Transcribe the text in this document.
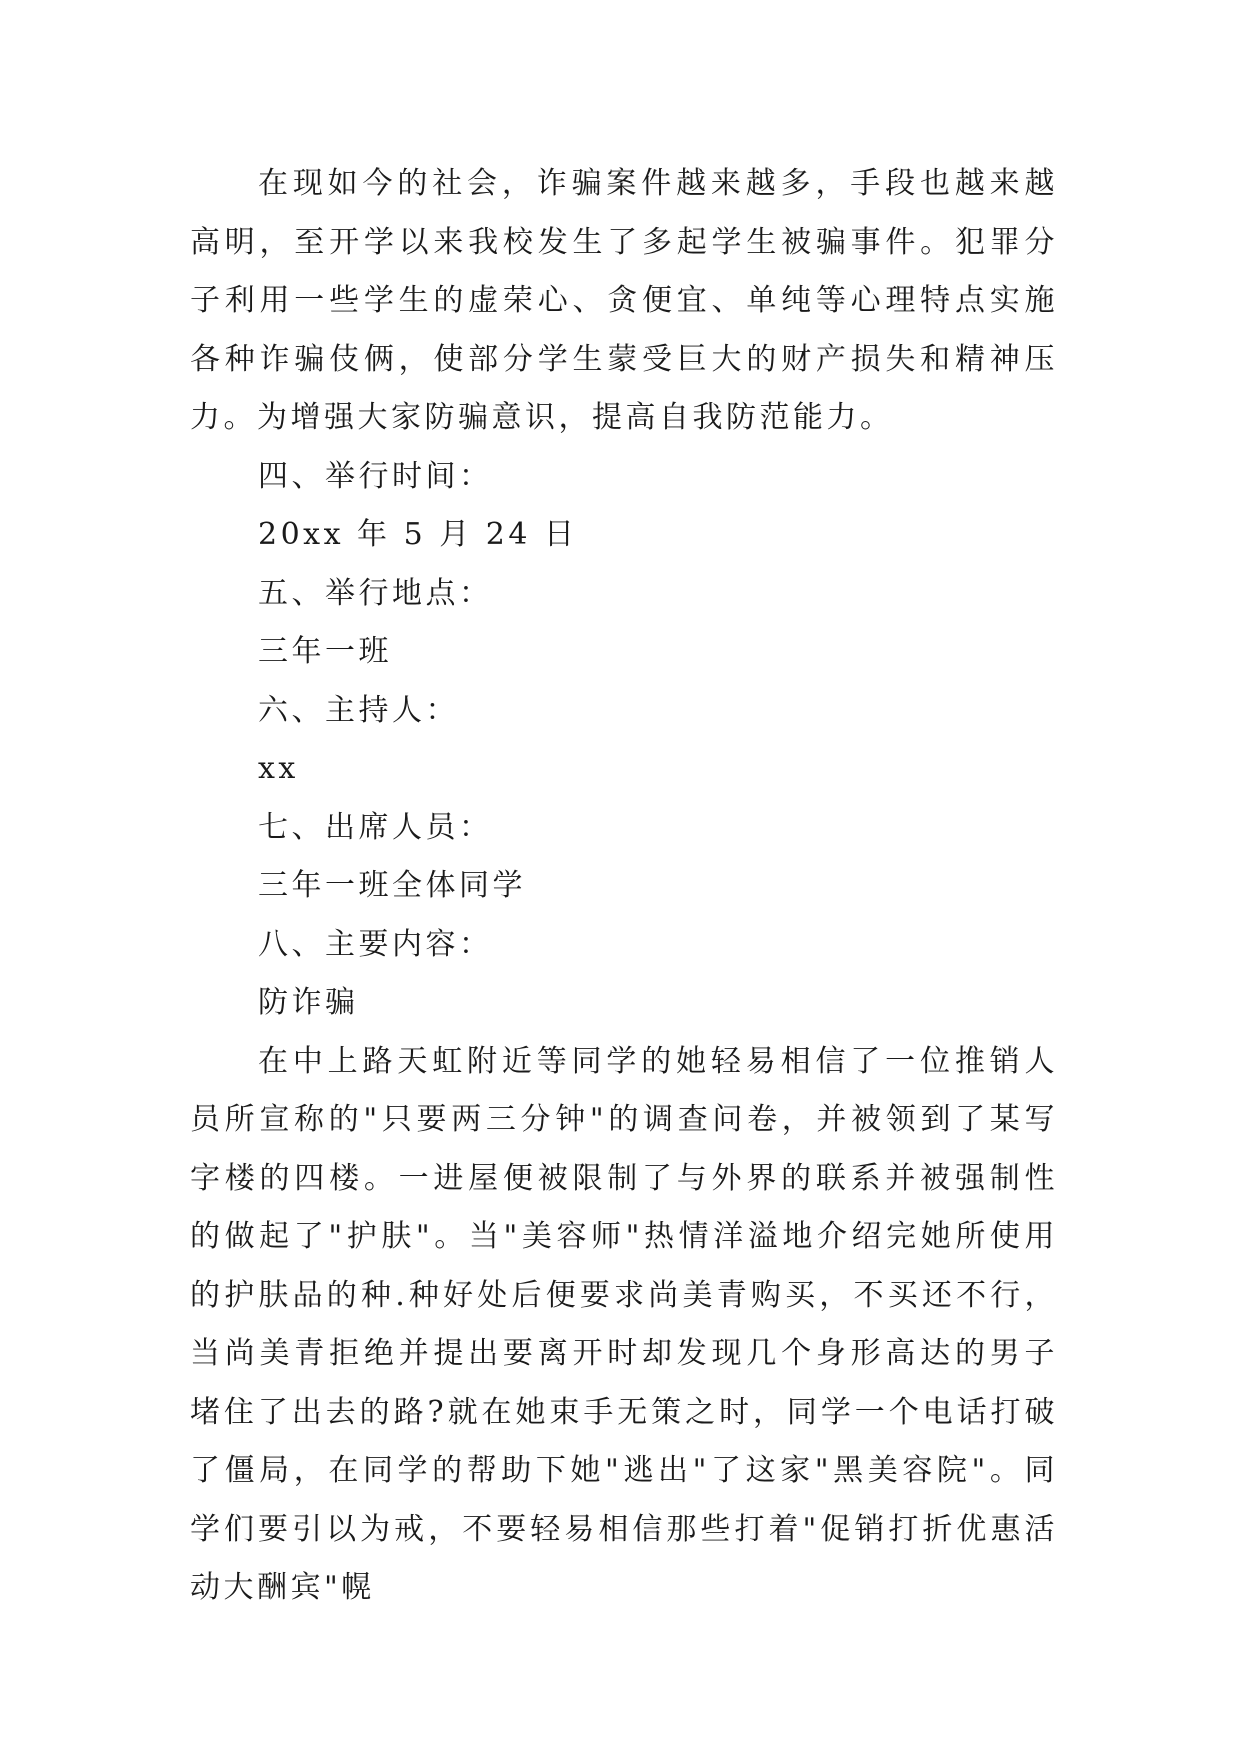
在现如今的社会，诈骗案件越来越多，手段也越来越高明，至开学以来我校发生了多起学生被骗事件。犯罪分子利用一些学生的虚荣心、贪便宜、单纯等心理特点实施各种诈骗伎俩，使部分学生蒙受巨大的财产损失和精神压力。为增强大家防骗意识，提高自我防范能力。

四、举行时间：

20xx 年 5 月 24 日

五、举行地点：

三年一班

六、主持人：

xx

七、出席人员：

三年一班全体同学

八、主要内容：

防诈骗

在中上路天虹附近等同学的她轻易相信了一位推销人员所宣称的"只要两三分钟"的调查问卷，并被领到了某写字楼的四楼。一进屋便被限制了与外界的联系并被强制性的做起了"护肤"。当"美容师"热情洋溢地介绍完她所使用的护肤品的种.种好处后便要求尚美青购买，不买还不行，当尚美青拒绝并提出要离开时却发现几个身形高达的男子堵住了出去的路?就在她束手无策之时，同学一个电话打破了僵局，在同学的帮助下她"逃出"了这家"黑美容院"。同学们要引以为戒，不要轻易相信那些打着"促销打折优惠活动大酬宾"幌
